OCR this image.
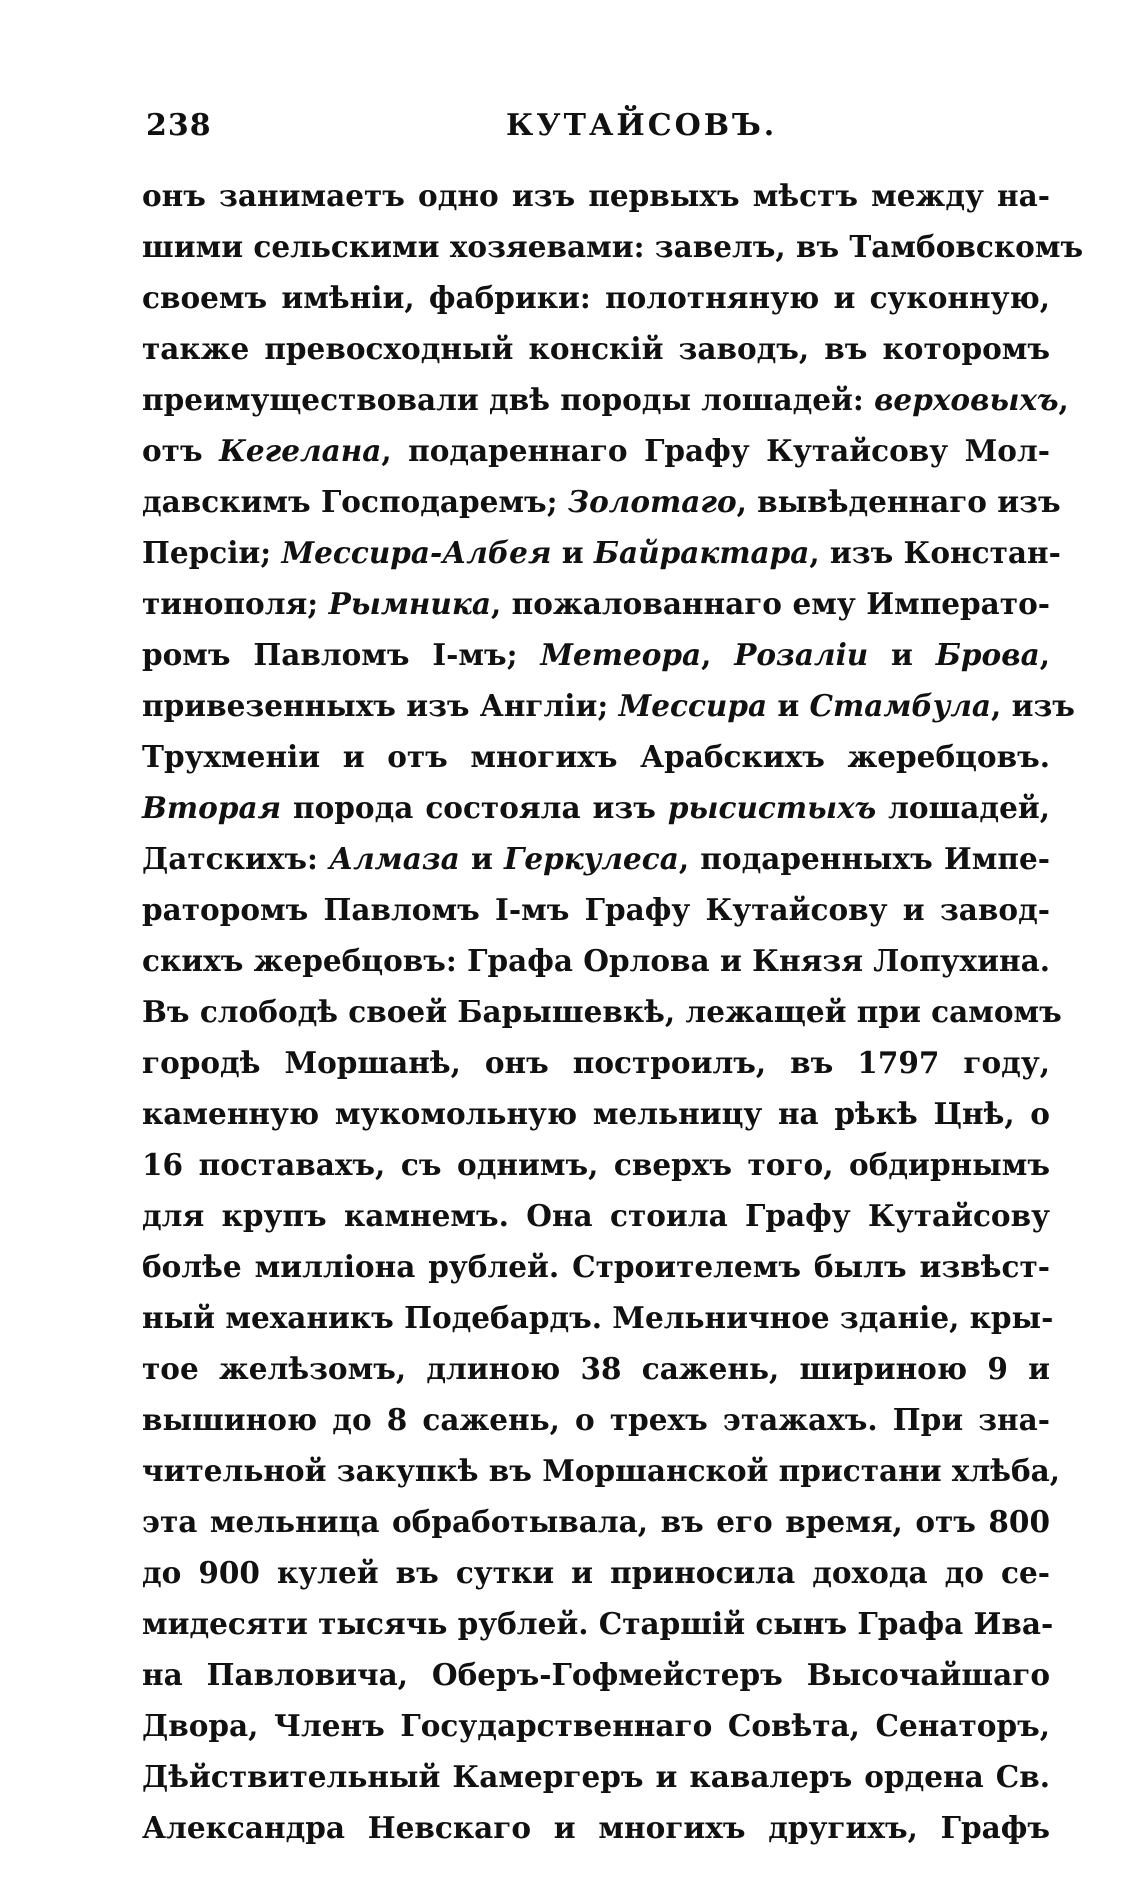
238	КУТАЙСОВЪ.
онъ занимаетъ одно изъ первыхъ мѣстъ между на-
шими сельскими хозяевами: завелъ, въ Тамбовскомъ
своемъ имѣніи, фабрики: полотняную и суконную,
также превосходный конскій заводъ, въ которомъ
преимуществовали двѣ породы лошадей: верховыхъ,
отъ Кегелана, подареннаго Графу Кутайсову Мол-
давскимъ Господаремъ; Золотаго, вывѣденнаго изъ
Персіи; Месcира-Албея и Байрактара, изъ Констан-
тинополя; Рымника, пожалованнаго ему Императо-
ромъ Павломъ I-мъ; Метеора, Розаліи и Брова,
привезенныхъ изъ Англіи; Мессира и Стамбула, изъ
Трухменіи и отъ многихъ Арабскихъ жеребцовъ.
Вторая порода состояла изъ рысистыхъ лошадей,
Датскихъ: Алмаза и Геркулеса, подаренныхъ Импе-
раторомъ Павломъ I-мъ Графу Кутайсову и завод-
скихъ жеребцовъ: Графа Орлова и Князя Лопухина.
Въ слободѣ своей Барышевкѣ, лежащей при самомъ
городѣ Моршанѣ, онъ построилъ, въ 1797 году,
каменную мукомольную мельницу на рѣкѣ Цнѣ, о
16 поставахъ, съ однимъ, сверхъ того, обдирнымъ
для крупъ камнемъ. Она стоила Графу Кутайсову
болѣе милліона рублей. Строителемъ былъ извѣст-
ный механикъ Подебардъ. Мельничное зданіе, кры-
тое желѣзомъ, длиною 38 сажень, шириною 9 и
вышиною до 8 сажень, о трехъ этажахъ. При зна-
чительной закупкѣ въ Моршанской пристани хлѣба,
эта мельница обработывала, въ его время, отъ 800
до 900 кулей въ сутки и приносила дохода до се-
мидесяти тысячь рублей. Старшій сынъ Графа Ива-
на Павловича, Оберъ-Гофмейстеръ Высочайшаго
Двора, Членъ Государственнаго Совѣта, Сенаторъ,
Дѣйствительный Камергеръ и кавалеръ ордена Св.
Александра Невскаго и многихъ другихъ, Графъ
